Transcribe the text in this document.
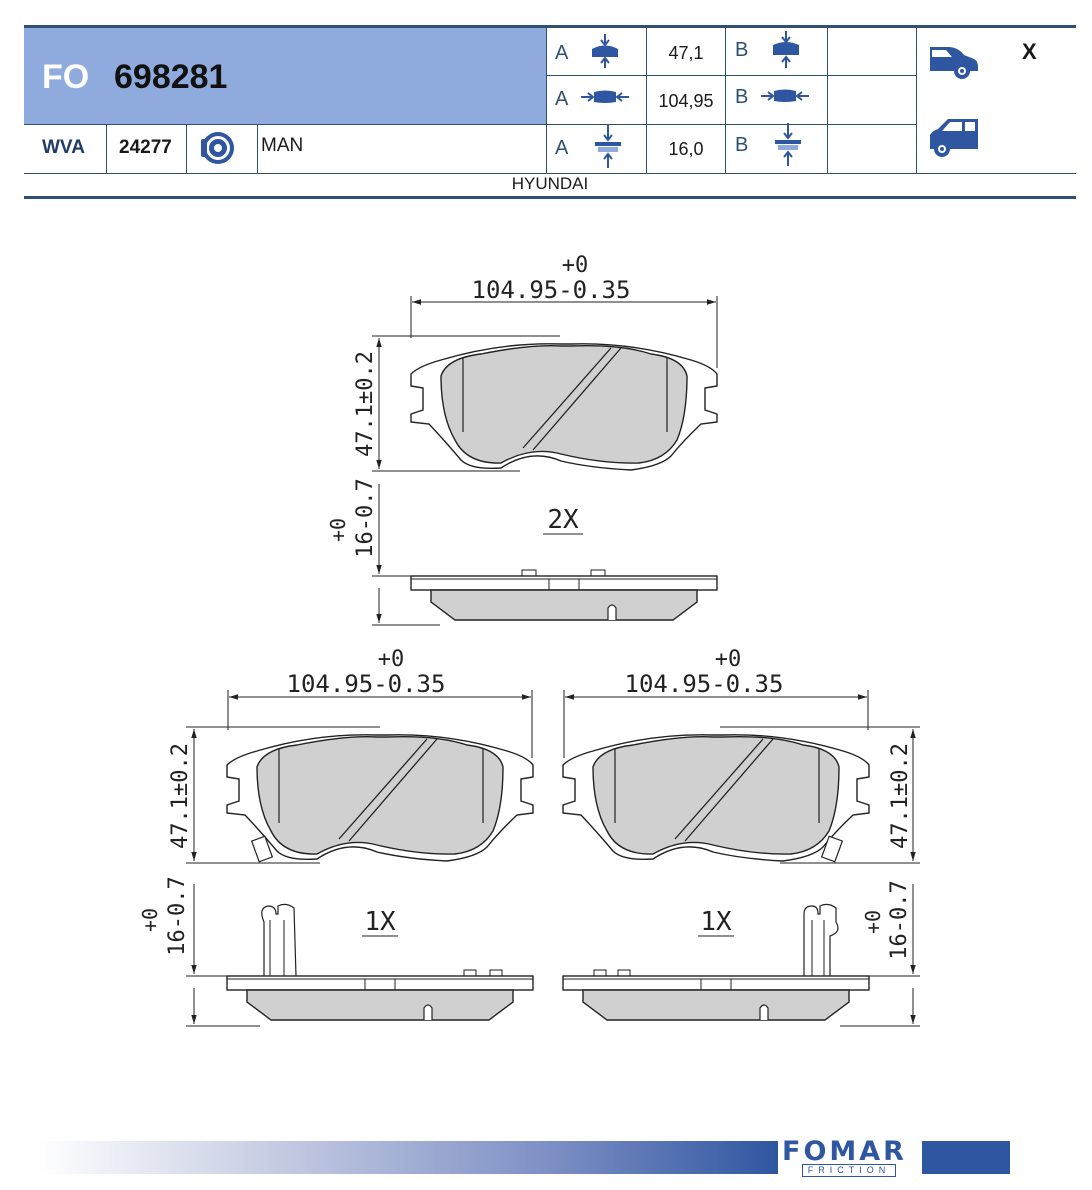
FO 698281
WVA 24277	MAN
A	47,1	B
A	104,95	B
A	16,0	B
X
HYUNDAI
+0
104.95-0.35
47.1±0.2
2X
+0 16-0.7
+0
104.95-0.35
47.1±0.2
1X
+0 16-0.7
+0
104.95-0.35
47.1±0.2
1X	+0 16-0.7
FOMAR
FRICTION
